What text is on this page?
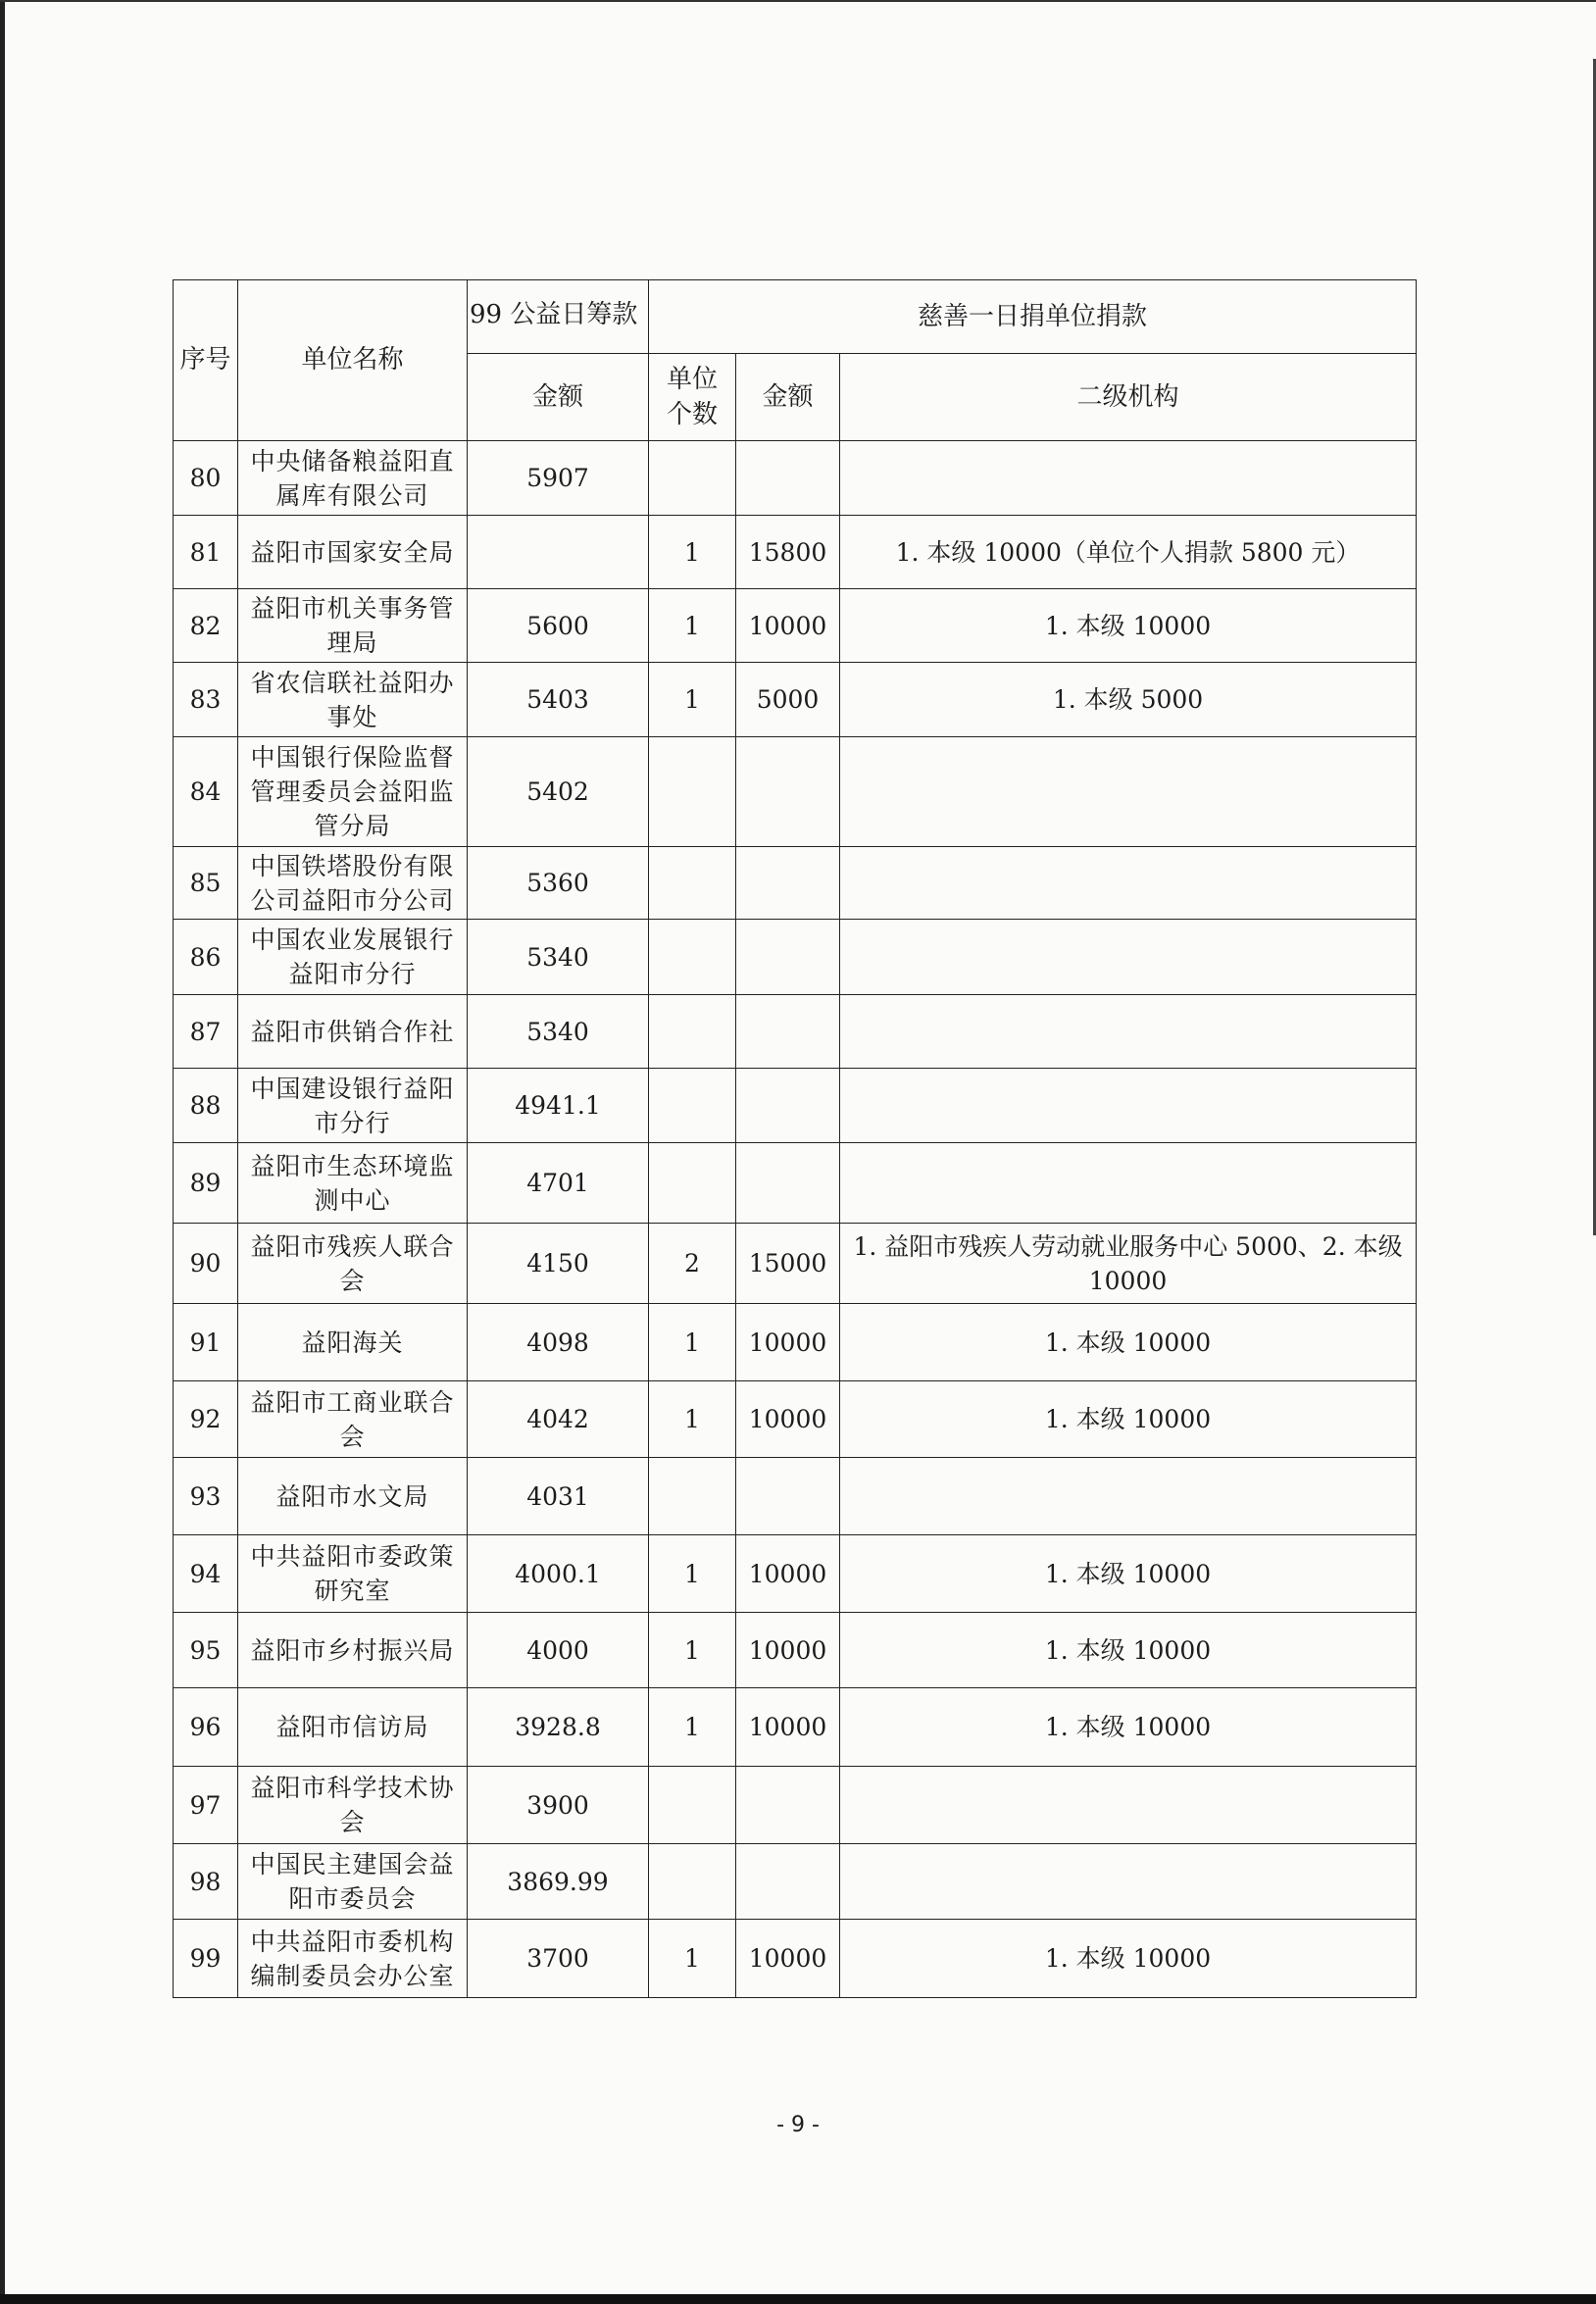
序号	单位名称	99 公益日筹款	慈善一日捐单位捐款		
		金额	单位个数	金额	二级机构
80	中央储备粮益阳直属库有限公司	5907			
81	益阳市国家安全局		1	15800	1. 本级 10000（单位个人捐款 5800 元）
82	益阳市机关事务管理局	5600	1	10000	1. 本级 10000
83	省农信联社益阳办事处	5403	1	5000	1. 本级 5000
84	中国银行保险监督管理委员会益阳监管分局	5402			
85	中国铁塔股份有限公司益阳市分公司	5360			
86	中国农业发展银行益阳市分行	5340			
87	益阳市供销合作社	5340			
88	中国建设银行益阳市分行	4941.1			
89	益阳市生态环境监测中心	4701			
90	益阳市残疾人联合会	4150	2	15000	1. 益阳市残疾人劳动就业服务中心 5000、2. 本级 10000
91	益阳海关	4098	1	10000	1. 本级 10000
92	益阳市工商业联合会	4042	1	10000	1. 本级 10000
93	益阳市水文局	4031			
94	中共益阳市委政策研究室	4000.1	1	10000	1. 本级 10000
95	益阳市乡村振兴局	4000	1	10000	1. 本级 10000
96	益阳市信访局	3928.8	1	10000	1. 本级 10000
97	益阳市科学技术协会	3900			
98	中国民主建国会益阳市委员会	3869.99			
99	中共益阳市委机构编制委员会办公室	3700	1	10000	1. 本级 10000
- 9 -
